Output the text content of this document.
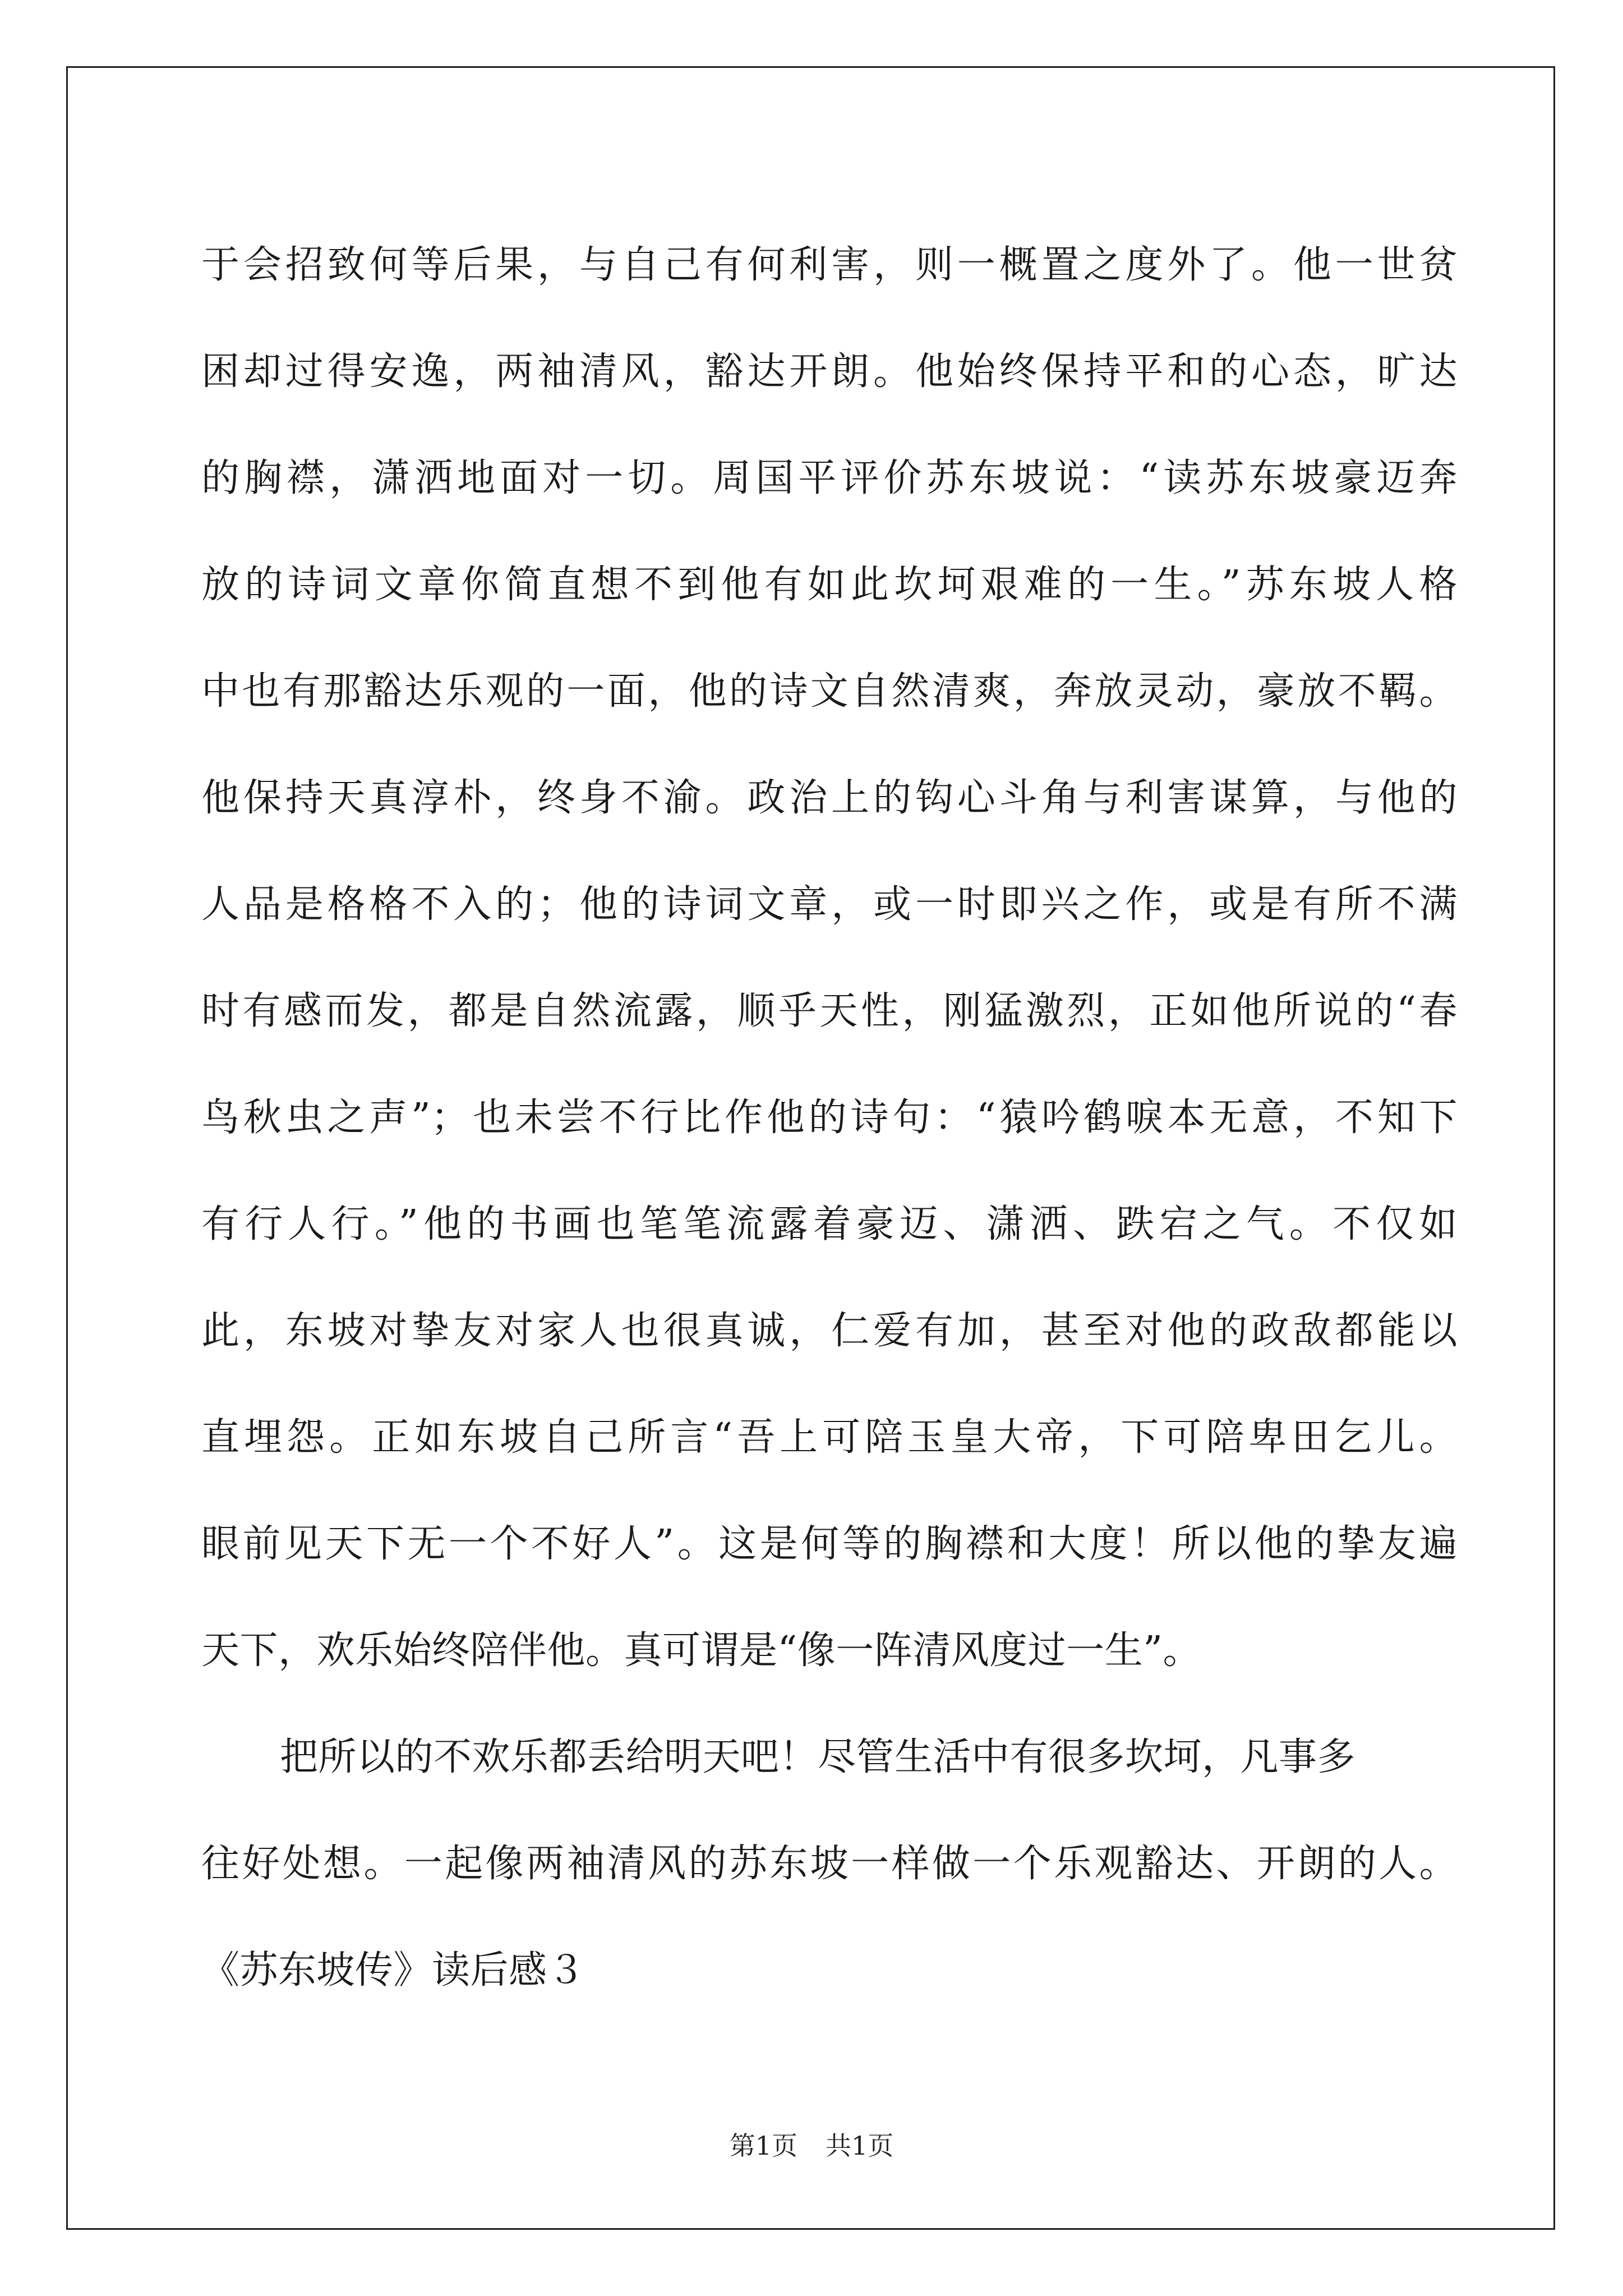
于会招致何等后果，与自己有何利害，则一概置之度外了。他一世贫
困却过得安逸，两袖清风，豁达开朗。他始终保持平和的心态，旷达
的胸襟，潇洒地面对一切。周国平评价苏东坡说：“读苏东坡豪迈奔
放的诗词文章你简直想不到他有如此坎坷艰难的一生。”苏东坡人格
中也有那豁达乐观的一面，他的诗文自然清爽，奔放灵动，豪放不羁。
他保持天真淳朴，终身不渝。政治上的钩心斗角与利害谋算，与他的
人品是格格不入的；他的诗词文章，或一时即兴之作，或是有所不满
时有感而发，都是自然流露，顺乎天性，刚猛激烈，正如他所说的“春
鸟秋虫之声”；也未尝不行比作他的诗句：“猿吟鹤唳本无意，不知下
有行人行。”他的书画也笔笔流露着豪迈、潇洒、跌宕之气。不仅如
此，东坡对挚友对家人也很真诚，仁爱有加，甚至对他的政敌都能以
直埋怨。正如东坡自己所言“吾上可陪玉皇大帝，下可陪卑田乞儿。
眼前见天下无一个不好人”。这是何等的胸襟和大度！所以他的挚友遍
天下，欢乐始终陪伴他。真可谓是“像一阵清风度过一生”。
把所以的不欢乐都丢给明天吧！尽管生活中有很多坎坷，凡事多
往好处想。一起像两袖清风的苏东坡一样做一个乐观豁达、开朗的人。
《苏东坡传》读后感３
第1页 共1页
